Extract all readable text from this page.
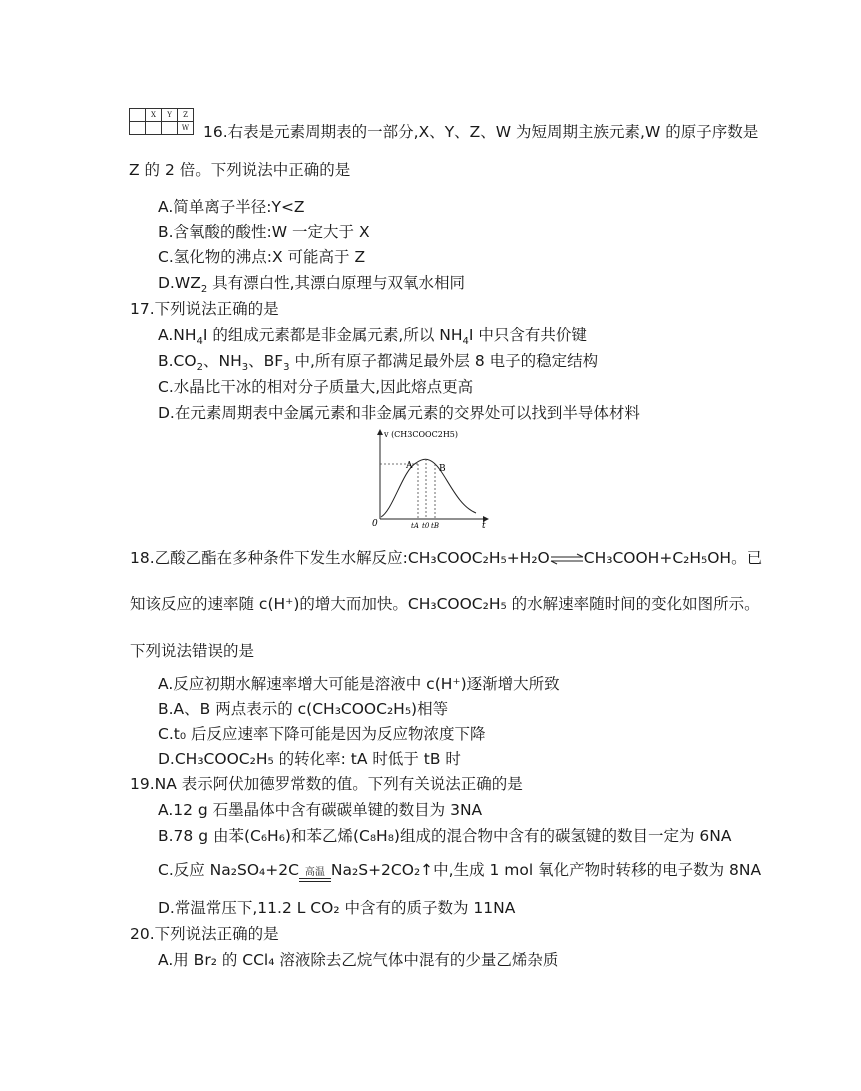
	X	Y	Z
			W 16.右表是元素周期表的一部分,X、Y、Z、W 为短周期主族元素,W 的原子序数是
Z 的 2 倍。下列说法中正确的是
A.简单离子半径:Y<Z
B.含氧酸的酸性:W 一定大于 X
C.氢化物的沸点:X 可能高于 Z
$D.WZ_2$ 具有漂白性,其漂白原理与双氧水相同
17.下列说法正确的是
$A.NH_4I$ 的组成元素都是非金属元素,所以 $NH_4I$ 中只含有共价键
$B.CO_2$、$NH_3$、$BF_3$ 中,所有原子都满足最外层 8 电子的稳定结构
C.水晶比干冰的相对分子质量大,因此熔点更高
D.在元素周期表中金属元素和非金属元素的交界处可以找到半导体材料
v (CH3COOC2H5)
0	t
A	B
tA t0 tB
18.乙酸乙酯在多种条件下发生水解反应:CH₃COOC₂H₅+H₂O⇌CH₃COOH+C₂H₅OH。已
知该反应的速率随 c(H⁺)的增大而加快。CH₃COOC₂H₅ 的水解速率随时间的变化如图所示。
下列说法错误的是
A.反应初期水解速率增大可能是溶液中 c(H⁺)逐渐增大所致
B.A、B 两点表示的 c(CH₃COOC₂H₅)相等
C.t₀ 后反应速率下降可能是因为反应物浓度下降
D.CH₃COOC₂H₅ 的转化率: tA 时低于 tB 时
19.NA 表示阿伏加德罗常数的值。下列有关说法正确的是
A.12 g 石墨晶体中含有碳碳单键的数目为 3NA
B.78 g 由苯(C₆H₆)和苯乙烯(C₈H₈)组成的混合物中含有的碳氢键的数目一定为 6NA
C.反应 Na₂SO₄+2C 高温 Na₂S+2CO₂↑中,生成 1 mol 氧化产物时转移的电子数为 8NA
D.常温常压下,11.2 L CO₂ 中含有的质子数为 11NA
20.下列说法正确的是
A.用 Br₂ 的 CCl₄ 溶液除去乙烷气体中混有的少量乙烯杂质
